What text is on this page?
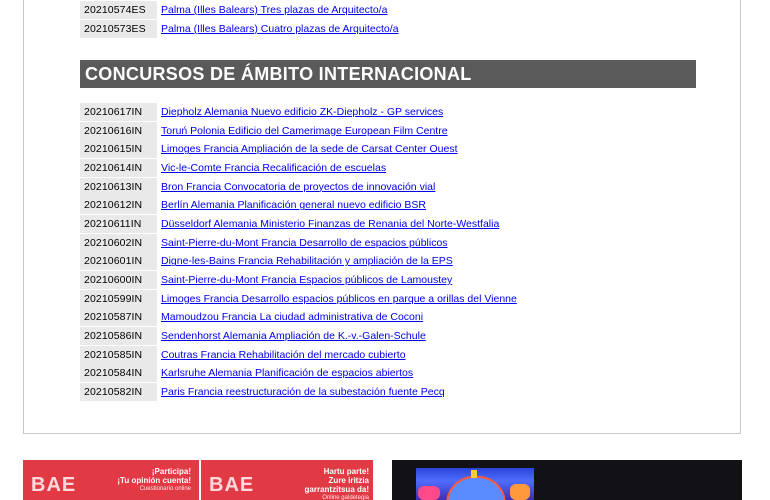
20210574ES	Palma (Illes Balears) Tres plazas de Arquitecto/a
20210573ES	Palma (Illes Balears) Cuatro plazas de Arquitecto/a
CONCURSOS DE ÁMBITO INTERNACIONAL
20210617IN	Diepholz Alemania Nuevo edificio ZK-Diepholz - GP services
20210616IN	Toruń Polonia Edificio del Camerimage European Film Centre
20210615IN	Limoges Francia Ampliación de la sede de Carsat Center Ouest
20210614IN	Vic-le-Comte Francia Recalificación de escuelas
20210613IN	Bron Francia Convocatoria de proyectos de innovación vial
20210612IN	Berlín Alemania Planificación general nuevo edificio BSR
20210611IN	Düsseldorf Alemania Ministerio Finanzas de Renania del Norte-Westfalia
20210602IN	Saint-Pierre-du-Mont Francia Desarrollo de espacios públicos
20210601IN	Digne-les-Bains Francia Rehabilitación y ampliación de la EPS
20210600IN	Saint-Pierre-du-Mont Francia Espacios públicos de Lamoustey
20210599IN	Limoges Francia Desarrollo espacios públicos en parque a orillas del Vienne
20210587IN	Mamoudzou Francia La ciudad administrativa de Coconi
20210586IN	Sendenhorst Alemania Ampliación de K.-v.-Galen-Schule
20210585IN	Coutras Francia Rehabilitación del mercado cubierto
20210584IN	Karlsruhe Alemania Planificación de espacios abiertos
20210582IN	Paris Francia reestructuración de la subestación fuente Pecq
BAE
¡Participa!
¡Tu opinión cuenta!
Cuestionario online BAE
Hartu parte!
Zure iritzia garrantzitsua da!
Online galdetegia
